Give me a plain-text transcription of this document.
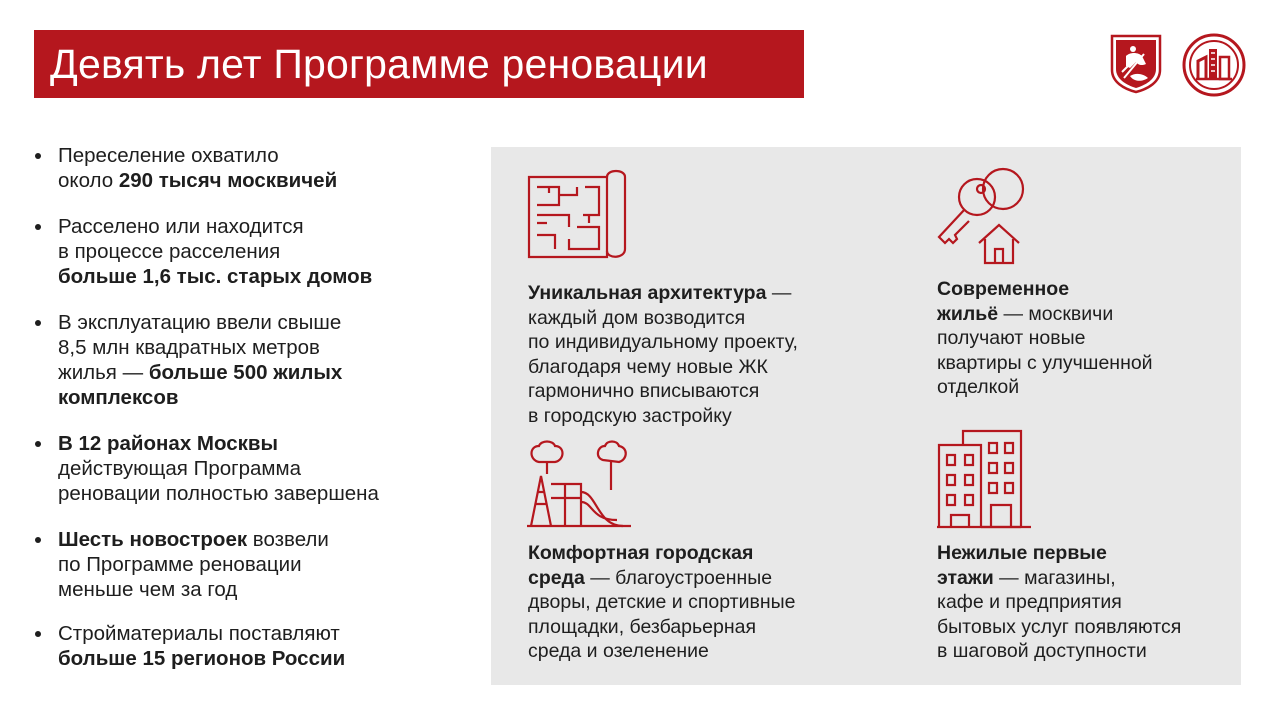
Девять лет Программе реновации
Переселение охватило
около 290 тысяч москвичей
Расселено или находится
в процессе расселения
больше 1,6 тыс. старых домов
В эксплуатацию ввели свыше
8,5 млн квадратных метров
жилья — больше 500 жилых
комплексов
В 12 районах Москвы
действующая Программа
реновации полностью завершена
Шесть новостроек возвели
по Программе реновации
меньше чем за год
Стройматериалы поставляют
больше 15 регионов России
Уникальная архитектура —
каждый дом возводится
по индивидуальному проекту,
благодаря чему новые ЖК
гармонично вписываются
в городскую застройку
Современное
жильё — москвичи
получают новые
квартиры с улучшенной
отделкой
Комфортная городская
среда — благоустроенные
дворы, детские и спортивные
площадки, безбарьерная
среда и озеленение
Нежилые первые
этажи — магазины,
кафе и предприятия
бытовых услуг появляются
в шаговой доступности
